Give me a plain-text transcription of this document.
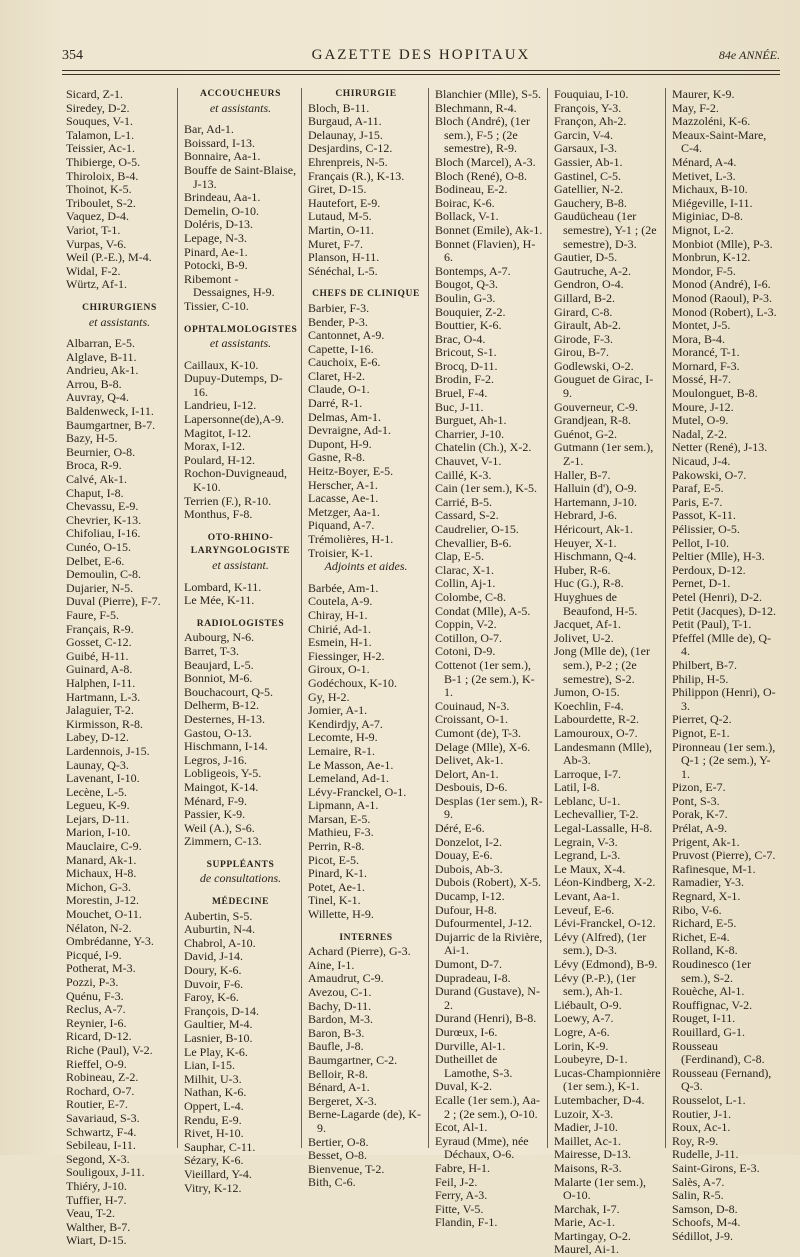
354	GAZETTE DES HOPITAUX	84e ANNÉE.

Sicard, Z-1.

Siredey, D-2.

Souques, V-1.

Talamon, L-1.

Teissier, Ac-1.

Thibierge, O-5.

Thiroloix, B-4.

Thoinot, K-5.

Triboulet, S-2.

Vaquez, D-4.

Variot, T-1.

Vurpas, V-6.

Weil (P.-E.), M-4.

Widal, F-2.

Würtz, Af-1.

CHIRURGIENS

et assistants.

Albarran, E-5.

Alglave, B-11.

Andrieu, Ak-1.

Arrou, B-8.

Auvray, Q-4.

Baldenweck, I-11.

Baumgartner, B-7.

Bazy, H-5.

Beurnier, O-8.

Broca, R-9.

Calvé, Ak-1.

Chaput, I-8.

Chevassu, E-9.

Chevrier, K-13.

Chifoliau, I-16.

Cunéo, O-15.

Delbet, E-6.

Demoulin, C-8.

Dujarier, N-5.

Duval (Pierre), F-7.

Faure, F-5.

Français, R-9.

Gosset, C-12.

Guibé, H-11.

Guinard, A-8.

Halphen, I-11.

Hartmann, L-3.

Jalaguier, T-2.

Kirmisson, R-8.

Labey, D-12.

Lardennois, J-15.

Launay, Q-3.

Lavenant, I-10.

Lecène, L-5.

Legueu, K-9.

Lejars, D-11.

Marion, I-10.

Mauclaire, C-9.

Manard, Ak-1.

Michaux, H-8.

Michon, G-3.

Morestin, J-12.

Mouchet, O-11.

Nélaton, N-2.

Ombrédanne, Y-3.

Picqué, I-9.

Potherat, M-3.

Pozzi, P-3.

Quénu, F-3.

Reclus, A-7.

Reynier, I-6.

Ricard, D-12.

Riche (Paul), V-2.

Rieffel, O-9.

Robineau, Z-2.

Rochard, O-7.

Routier, E-7.

Savariaud, S-3.

Schwartz, F-4.

Sebileau, I-11.

Segond, X-3.

Souligoux, J-11.

Thiéry, J-10.

Tuffier, H-7.

Veau, T-2.

Walther, B-7.

Wiart, D-15.

ACCOUCHEURS

et assistants.

Bar, Ad-1.

Boissard, I-13.

Bonnaire, Aa-1.

Bouffe de Saint-Blaise, J-13.

Brindeau, Aa-1.

Demelin, O-10.

Doléris, D-13.

Lepage, N-3.

Pinard, Ae-1.

Potocki, B-9.

Ribemont - Dessaignes, H-9.

Tissier, C-10.

OPHTALMOLOGISTES

et assistants.

Caillaux, K-10.

Dupuy-Dutemps, D-16.

Landrieu, I-12.

Lapersonne(de),A-9.

Magitot, I-12.

Morax, I-12.

Poulard, H-12.

Rochon-Duvigneaud, K-10.

Terrien (F.), R-10.

Monthus, F-8.

OTO-RHINO-LARYNGOLOGISTE

et assistant.

Lombard, K-11.

Le Mée, K-11.

RADIOLOGISTES

Aubourg, N-6.

Barret, T-3.

Beaujard, L-5.

Bonniot, M-6.

Bouchacourt, Q-5.

Delherm, B-12.

Desternes, H-13.

Gastou, O-13.

Hischmann, I-14.

Legros, J-16.

Lobligeois, Y-5.

Maingot, K-14.

Ménard, F-9.

Passier, K-9.

Weil (A.), S-6.

Zimmern, C-13.

SUPPLÉANTS

de consultations.

MÉDECINE

Aubertin, S-5.

Auburtin, N-4.

Chabrol, A-10.

David, J-14.

Doury, K-6.

Duvoir, F-6.

Faroy, K-6.

François, D-14.

Gaultier, M-4.

Lasnier, B-10.

Le Play, K-6.

Lian, I-15.

Milhit, U-3.

Nathan, K-6.

Oppert, L-4.

Rendu, E-9.

Rivet, H-10.

Sauphar, C-11.

Sézary, K-6.

Vieillard, Y-4.

Vitry, K-12.

CHIRURGIE

Bloch, B-11.

Burgaud, A-11.

Delaunay, J-15.

Desjardins, C-12.

Ehrenpreis, N-5.

Français (R.), K-13.

Giret, D-15.

Hautefort, E-9.

Lutaud, M-5.

Martin, O-11.

Muret, F-7.

Planson, H-11.

Sénéchal, L-5.

CHEFS DE CLINIQUE

Barbier, F-3.

Bender, P-3.

Cantonnet, A-9.

Capette, I-16.

Cauchoix, E-6.

Claret, H-2.

Claude, O-1.

Darré, R-1.

Delmas, Am-1.

Devraigne, Ad-1.

Dupont, H-9.

Gasne, R-8.

Heitz-Boyer, E-5.

Herscher, A-1.

Lacasse, Ae-1.

Metzger, Aa-1.

Piquand, A-7.

Trémolières, H-1.

Troisier, K-1.

Adjoints et aides.

Barbée, Am-1.

Coutela, A-9.

Chiray, H-1.

Chirié, Ad-1.

Esmein, H-1.

Fiessinger, H-2.

Giroux, O-1.

Godéchoux, K-10.

Gy, H-2.

Jomier, A-1.

Kendirdjy, A-7.

Lecomte, H-9.

Lemaire, R-1.

Le Masson, Ae-1.

Lemeland, Ad-1.

Lévy-Franckel, O-1.

Lipmann, A-1.

Marsan, E-5.

Mathieu, F-3.

Perrin, R-8.

Picot, E-5.

Pinard, K-1.

Potet, Ae-1.

Tinel, K-1.

Willette, H-9.

INTERNES

Achard (Pierre), G-3.

Aine, I-1.

Amaudrut, C-9.

Avezou, C-1.

Bachy, D-11.

Bardon, M-3.

Baron, B-3.

Baufle, J-8.

Baumgartner, C-2.

Belloir, R-8.

Bénard, A-1.

Bergeret, X-3.

Berne-Lagarde (de), K-9.

Bertier, O-8.

Besset, O-8.

Bienvenue, T-2.

Bith, C-6.

Blanchier (Mlle), S-5.

Blechmann, R-4.

Bloch (André), (1er sem.), F-5 ; (2e semestre), R-9.

Bloch (Marcel), A-3.

Bloch (René), O-8.

Bodineau, E-2.

Boirac, K-6.

Bollack, V-1.

Bonnet (Emile), Ak-1.

Bonnet (Flavien), H-6.

Bontemps, A-7.

Bougot, Q-3.

Boulin, G-3.

Bouquier, Z-2.

Bouttier, K-6.

Brac, O-4.

Bricout, S-1.

Brocq, D-11.

Brodin, F-2.

Bruel, F-4.

Buc, J-11.

Burguet, Ah-1.

Charrier, J-10.

Chatelin (Ch.), X-2.

Chauvet, V-1.

Caillé, K-3.

Cain (1er sem.), K-5.

Carrié, B-5.

Cassard, S-2.

Caudrelier, O-15.

Chevallier, B-6.

Clap, E-5.

Clarac, X-1.

Collin, Aj-1.

Colombe, C-8.

Condat (Mlle), A-5.

Coppin, V-2.

Cotillon, O-7.

Cotoni, D-9.

Cottenot (1er sem.), B-1 ; (2e sem.), K-1.

Couinaud, N-3.

Croissant, O-1.

Cumont (de), T-3.

Delage (Mlle), X-6.

Delivet, Ak-1.

Delort, An-1.

Desbouis, D-6.

Desplas (1er sem.), R-9.

Déré, E-6.

Donzelot, I-2.

Douay, E-6.

Dubois, Ab-3.

Dubois (Robert), X-5.

Ducamp, I-12.

Dufour, H-8.

Dufourmentel, J-12.

Dujarric de la Rivière, Ai-1.

Dumont, D-7.

Dupradeau, I-8.

Durand (Gustave), N-2.

Durand (Henri), B-8.

Durœux, I-6.

Durville, Al-1.

Dutheillet de Lamothe, S-3.

Duval, K-2.

Ecalle (1er sem.), Aa-2 ; (2e sem.), O-10.

Ecot, Al-1.

Eyraud (Mme), née Déchaux, O-6.

Fabre, H-1.

Feil, J-2.

Ferry, A-3.

Fitte, V-5.

Flandin, F-1.

Fouquiau, I-10.

François, Y-3.

Françon, Ah-2.

Garcin, V-4.

Garsaux, I-3.

Gassier, Ab-1.

Gastinel, C-5.

Gatellier, N-2.

Gauchery, B-8.

Gaudücheau (1er semestre), Y-1 ; (2e semestre), D-3.

Gautier, D-5.

Gautruche, A-2.

Gendron, O-4.

Gillard, B-2.

Girard, C-8.

Girault, Ab-2.

Girode, F-3.

Girou, B-7.

Godlewski, O-2.

Gouguet de Girac, I-9.

Gouverneur, C-9.

Grandjean, R-8.

Guénot, G-2.

Gutmann (1er sem.), Z-1.

Haller, B-7.

Halluin (d'), O-9.

Hartemann, J-10.

Hebrard, J-6.

Héricourt, Ak-1.

Heuyer, X-1.

Hischmann, Q-4.

Huber, R-6.

Huc (G.), R-8.

Huyghues de Beaufond, H-5.

Jacquet, Af-1.

Jolivet, U-2.

Jong (Mlle de), (1er sem.), P-2 ; (2e semestre), S-2.

Jumon, O-15.

Koechlin, F-4.

Labourdette, R-2.

Lamouroux, O-7.

Landesmann (Mlle), Ab-3.

Larroque, I-7.

Latil, I-8.

Leblanc, U-1.

Lechevallier, T-2.

Legal-Lassalle, H-8.

Legrain, V-3.

Legrand, L-3.

Le Maux, X-4.

Léon-Kindberg, X-2.

Levant, Aa-1.

Leveuf, E-6.

Lévi-Franckel, O-12.

Lévy (Alfred), (1er sem.), D-3.

Lévy (Edmond), B-9.

Lévy (P.-P.), (1er sem.), Ah-1.

Liébault, O-9.

Loewy, A-7.

Logre, A-6.

Lorin, K-9.

Loubeyre, D-1.

Lucas-Championnière (1er sem.), K-1.

Lutembacher, D-4.

Luzoir, X-3.

Madier, J-10.

Maillet, Ac-1.

Mairesse, D-13.

Maisons, R-3.

Malarte (1er sem.), O-10.

Marchak, I-7.

Marie, Ac-1.

Martingay, O-2.

Maurel, Ai-1.

Maurer, K-9.

May, F-2.

Mazzoléni, K-6.

Meaux-Saint-Mare, C-4.

Ménard, A-4.

Metivet, L-3.

Michaux, B-10.

Miégeville, I-11.

Miginiac, D-8.

Mignot, L-2.

Monbiot (Mlle), P-3.

Monbrun, K-12.

Mondor, F-5.

Monod (André), I-6.

Monod (Raoul), P-3.

Monod (Robert), L-3.

Montet, J-5.

Mora, B-4.

Morancé, T-1.

Mornard, F-3.

Mossé, H-7.

Moulonguet, B-8.

Moure, J-12.

Mutel, O-9.

Nadal, Z-2.

Netter (René), J-13.

Nicaud, J-4.

Pakowski, O-7.

Paraf, E-5.

Paris, E-7.

Passot, K-11.

Pélissier, O-5.

Pellot, I-10.

Peltier (Mlle), H-3.

Perdoux, D-12.

Pernet, D-1.

Petel (Henri), D-2.

Petit (Jacques), D-12.

Petit (Paul), T-1.

Pfeffel (Mlle de), Q-4.

Philbert, B-7.

Philip, H-5.

Philippon (Henri), O-3.

Pierret, Q-2.

Pignot, E-1.

Pironneau (1er sem.), Q-1 ; (2e sem.), Y-1.

Pizon, E-7.

Pont, S-3.

Porak, K-7.

Prélat, A-9.

Prigent, Ak-1.

Pruvost (Pierre), C-7.

Rafinesque, M-1.

Ramadier, Y-3.

Regnard, X-1.

Ribo, V-6.

Richard, E-5.

Richet, E-4.

Rolland, K-8.

Roudinesco (1er sem.), S-2.

Rouèche, Al-1.

Rouffignac, V-2.

Rouget, I-11.

Rouillard, G-1.

Rousseau (Ferdinand), C-8.

Rousseau (Fernand), Q-3.

Rousselot, L-1.

Routier, J-1.

Roux, Ac-1.

Roy, R-9.

Rudelle, J-11.

Saint-Girons, E-3.

Salès, A-7.

Salin, R-5.

Samson, D-8.

Schoofs, M-4.

Sédillot, J-9.
